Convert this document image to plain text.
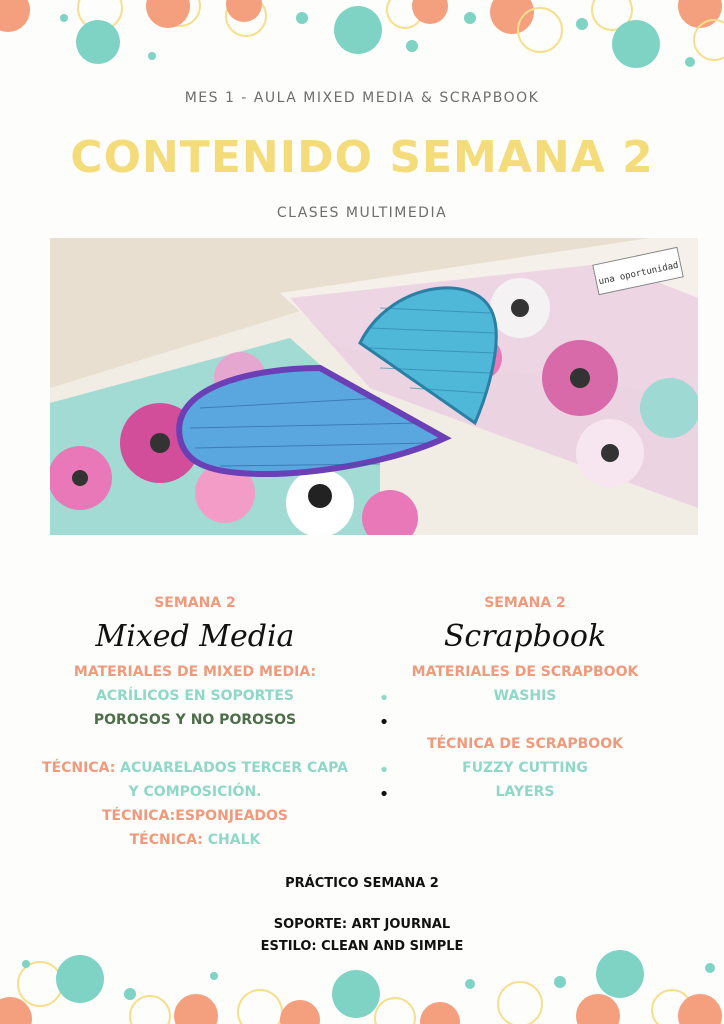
MES 1 - AULA MIXED MEDIA & SCRAPBOOK
CONTENIDO SEMANA 2
CLASES MULTIMEDIA
una oportunidad
SEMANA 2
Mixed Media
MATERIALES DE MIXED MEDIA:
ACRÍLICOS EN SOPORTES
POROSOS Y NO POROSOS
TÉCNICA: ACUARELADOS TERCER CAPA
Y COMPOSICIÓN.
TÉCNICA:ESPONJEADOS
TÉCNICA: CHALK
•
•
•
•
SEMANA 2
Scrapbook
MATERIALES DE SCRAPBOOK
WASHIS
TÉCNICA DE SCRAPBOOK
FUZZY CUTTING
LAYERS
PRÁCTICO SEMANA 2
SOPORTE: ART JOURNAL
ESTILO: CLEAN AND SIMPLE
